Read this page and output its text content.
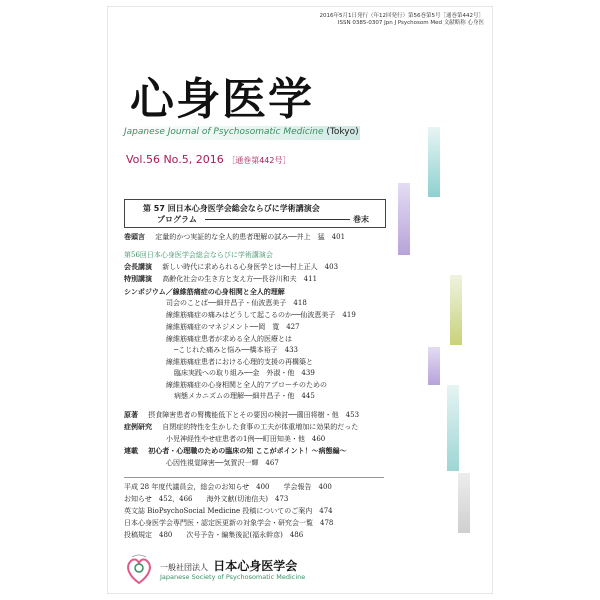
2016年5月1日発行（年12回発行）第56巻第5号［通巻第442号］
ISSN 0385-0307 Jpn J Psychosom Med 文献略称 心身医
心身医学
Japanese Journal of Psychosomatic Medicine (Tokyo)
Vol.56 No.5, 2016 ［通巻第442号］
第 57 回日本心身医学会総会ならびに学術講演会
プログラム	巻末
巻頭言 定量的かつ実証的な全人的患者理解の試み──井上　猛　401
第56回日本心身医学会総会ならびに学術講演会
会長講演 新しい時代に求められる心身医学とは──村上正人　403
特別講演 高齢化社会の生き方と支え方──長谷川和夫　411
シンポジウム／線維筋痛症の心身相関と全人的理解
司会のことば──細井昌子・仙波恵美子　418
線維筋痛症の痛みはどうして起こるのか──仙波恵美子　419
線維筋痛症のマネジメント──岡　寛　427
線維筋痛症患者が求める全人的医療とは
─こじれた痛みと悩み──橋本裕子　433
線維筋痛症患者における心理的支援の再構築と
臨床実践への取り組み──金　外淑・他　439
線維筋痛症の心身相関と全人的アプローチのための
病態メカニズムの理解──細井昌子・他　445
原著 摂食障害患者の腎機能低下とその要因の検討──薗田将樹・他　453
症例研究 自閉症的特性を生かした食事の工夫が体重増加に効果的だった
小児神経性やせ症患者の1例──町田知美・他　460
連載 初心者・心理職のための臨床の知 ここがポイント！～病態編～
心因性視覚障害──気賀沢一輝　467
平成 28 年度代議員会，総会のお知らせ　400　　学会報告　400
お知らせ　452，466　　海外文献(切池信夫)　473
英文誌 BioPsychoSocial Medicine 投稿についてのご案内　474
日本心身医学会専門医・認定医更新の対象学会・研究会一覧　478
投稿規定　480　　次号予告・編集後記(福永幹彦)　486
一般社団法人 日本心身医学会
Japanese Society of Psychosomatic Medicine
